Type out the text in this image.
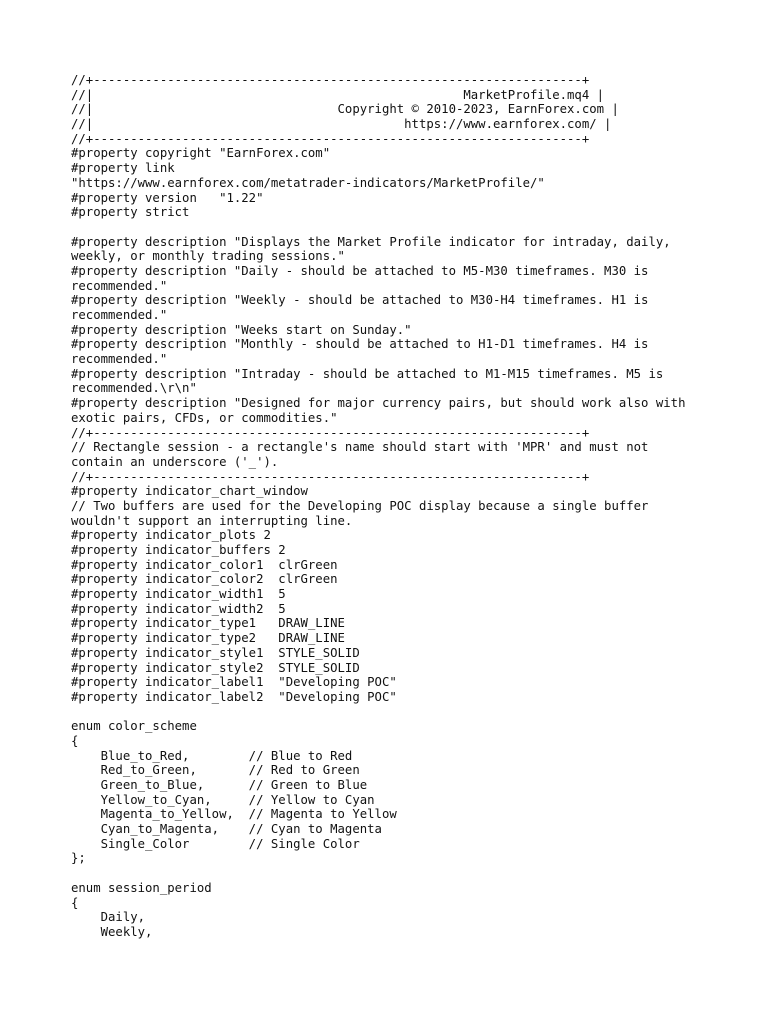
//+------------------------------------------------------------------+
//|                                                  MarketProfile.mq4 |
//|                                 Copyright © 2010-2023, EarnForex.com |
//|                                          https://www.earnforex.com/ |
//+------------------------------------------------------------------+
#property copyright "EarnForex.com"
#property link
"https://www.earnforex.com/metatrader-indicators/MarketProfile/"
#property version   "1.22"
#property strict
#property description "Displays the Market Profile indicator for intraday, daily,
weekly, or monthly trading sessions."
#property description "Daily - should be attached to M5-M30 timeframes. M30 is
recommended."
#property description "Weekly - should be attached to M30-H4 timeframes. H1 is
recommended."
#property description "Weeks start on Sunday."
#property description "Monthly - should be attached to H1-D1 timeframes. H4 is
recommended."
#property description "Intraday - should be attached to M1-M15 timeframes. M5 is
recommended.\r\n"
#property description "Designed for major currency pairs, but should work also with
exotic pairs, CFDs, or commodities."
//+------------------------------------------------------------------+
// Rectangle session - a rectangle's name should start with 'MPR' and must not
contain an underscore ('_').
//+------------------------------------------------------------------+
#property indicator_chart_window
// Two buffers are used for the Developing POC display because a single buffer
wouldn't support an interrupting line.
#property indicator_plots 2
#property indicator_buffers 2
#property indicator_color1  clrGreen
#property indicator_color2  clrGreen
#property indicator_width1  5
#property indicator_width2  5
#property indicator_type1   DRAW_LINE
#property indicator_type2   DRAW_LINE
#property indicator_style1  STYLE_SOLID
#property indicator_style2  STYLE_SOLID
#property indicator_label1  "Developing POC"
#property indicator_label2  "Developing POC"
enum color_scheme
{
Blue_to_Red,        // Blue to Red
Red_to_Green,       // Red to Green
Green_to_Blue,      // Green to Blue
Yellow_to_Cyan,     // Yellow to Cyan
Magenta_to_Yellow,  // Magenta to Yellow
Cyan_to_Magenta,    // Cyan to Magenta
Single_Color        // Single Color
};
enum session_period
{
Daily,
Weekly,
